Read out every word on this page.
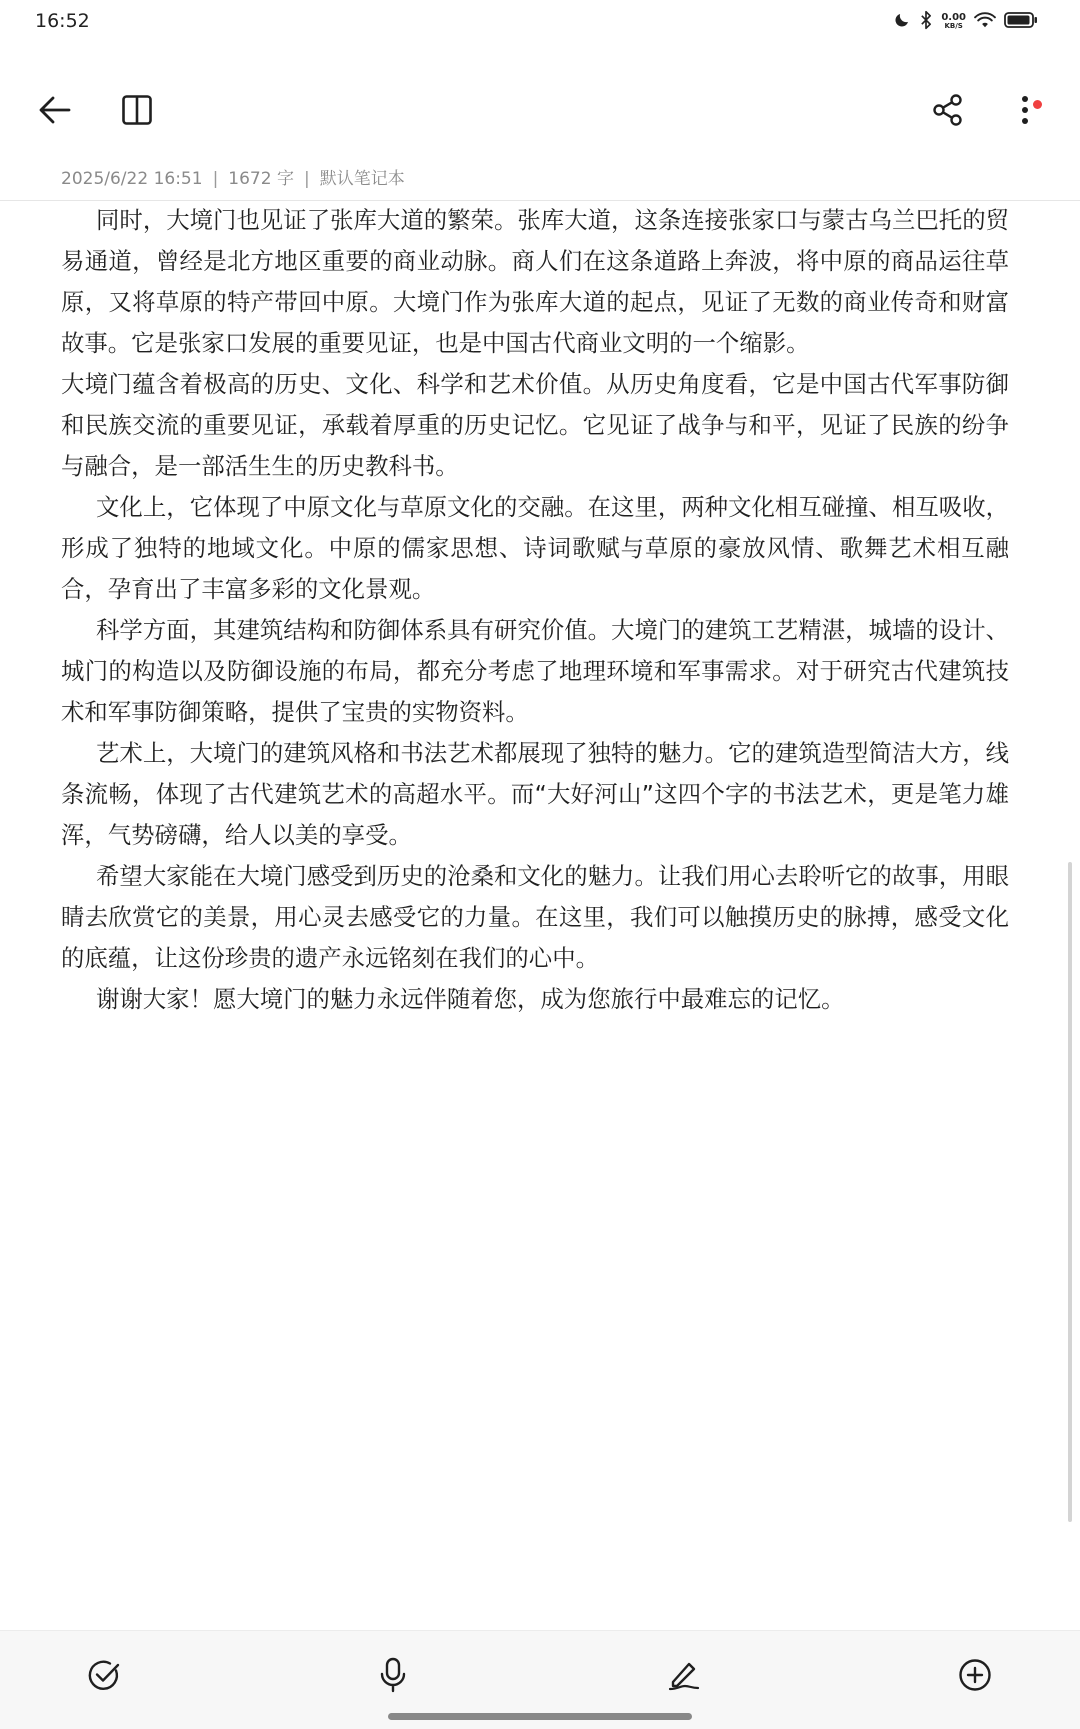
16:52	0.00
KB/S
2025/6/22 16:51 | 1672 字 | 默认笔记本

同时，大境门也见证了张库大道的繁荣。张库大道，这条连接张家口与蒙古乌兰巴托的贸易通道，曾经是北方地区重要的商业动脉。商人们在这条道路上奔波，将中原的商品运往草原，又将草原的特产带回中原。大境门作为张库大道的起点，见证了无数的商业传奇和财富故事。它是张家口发展的重要见证，也是中国古代商业文明的一个缩影。

大境门蕴含着极高的历史、文化、科学和艺术价值。从历史角度看，它是中国古代军事防御和民族交流的重要见证，承载着厚重的历史记忆。它见证了战争与和平，见证了民族的纷争与融合，是一部活生生的历史教科书。

文化上，它体现了中原文化与草原文化的交融。在这里，两种文化相互碰撞、相互吸收，形成了独特的地域文化。中原的儒家思想、诗词歌赋与草原的豪放风情、歌舞艺术相互融合，孕育出了丰富多彩的文化景观。

科学方面，其建筑结构和防御体系具有研究价值。大境门的建筑工艺精湛，城墙的设计、城门的构造以及防御设施的布局，都充分考虑了地理环境和军事需求。对于研究古代建筑技术和军事防御策略，提供了宝贵的实物资料。

艺术上，大境门的建筑风格和书法艺术都展现了独特的魅力。它的建筑造型简洁大方，线条流畅，体现了古代建筑艺术的高超水平。而“大好河山”这四个字的书法艺术，更是笔力雄浑，气势磅礴，给人以美的享受。

希望大家能在大境门感受到历史的沧桑和文化的魅力。让我们用心去聆听它的故事，用眼睛去欣赏它的美景，用心灵去感受它的力量。在这里，我们可以触摸历史的脉搏，感受文化的底蕴，让这份珍贵的遗产永远铭刻在我们的心中。

谢谢大家！愿大境门的魅力永远伴随着您，成为您旅行中最难忘的记忆。
